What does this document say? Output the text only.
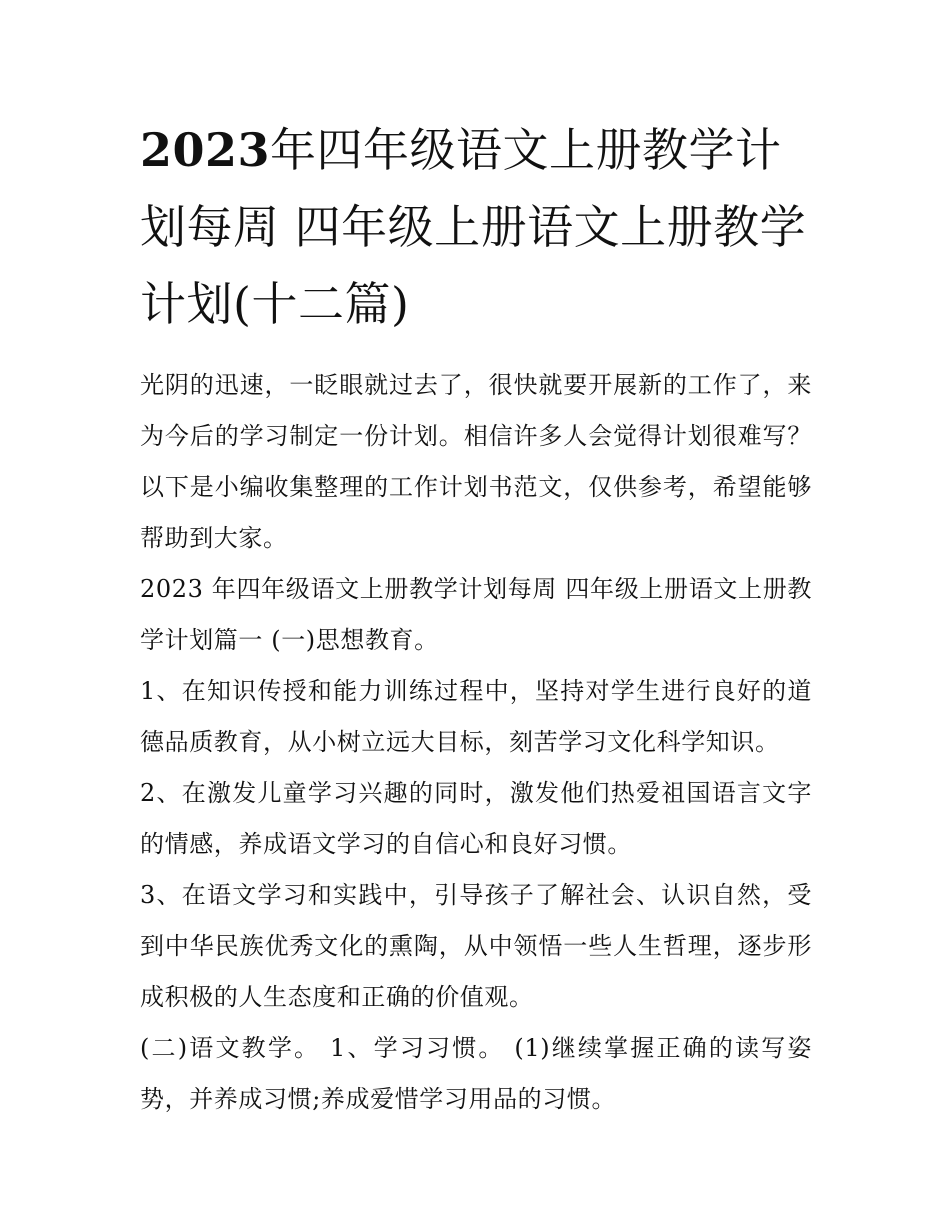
2023年四年级语文上册教学计划每周 四年级上册语文上册教学计划(十二篇)

光阴的迅速，一眨眼就过去了，很快就要开展新的工作了，来为今后的学习制定一份计划。相信许多人会觉得计划很难写？以下是小编收集整理的工作计划书范文，仅供参考，希望能够帮助到大家。

2023 年四年级语文上册教学计划每周 四年级上册语文上册教学计划篇一 (一)思想教育。

1、在知识传授和能力训练过程中，坚持对学生进行良好的道德品质教育，从小树立远大目标，刻苦学习文化科学知识。

2、在激发儿童学习兴趣的同时，激发他们热爱祖国语言文字的情感，养成语文学习的自信心和良好习惯。

3、在语文学习和实践中，引导孩子了解社会、认识自然，受到中华民族优秀文化的熏陶，从中领悟一些人生哲理，逐步形成积极的人生态度和正确的价值观。

(二)语文教学。 1、学习习惯。 (1)继续掌握正确的读写姿势，并养成习惯;养成爱惜学习用品的习惯。
